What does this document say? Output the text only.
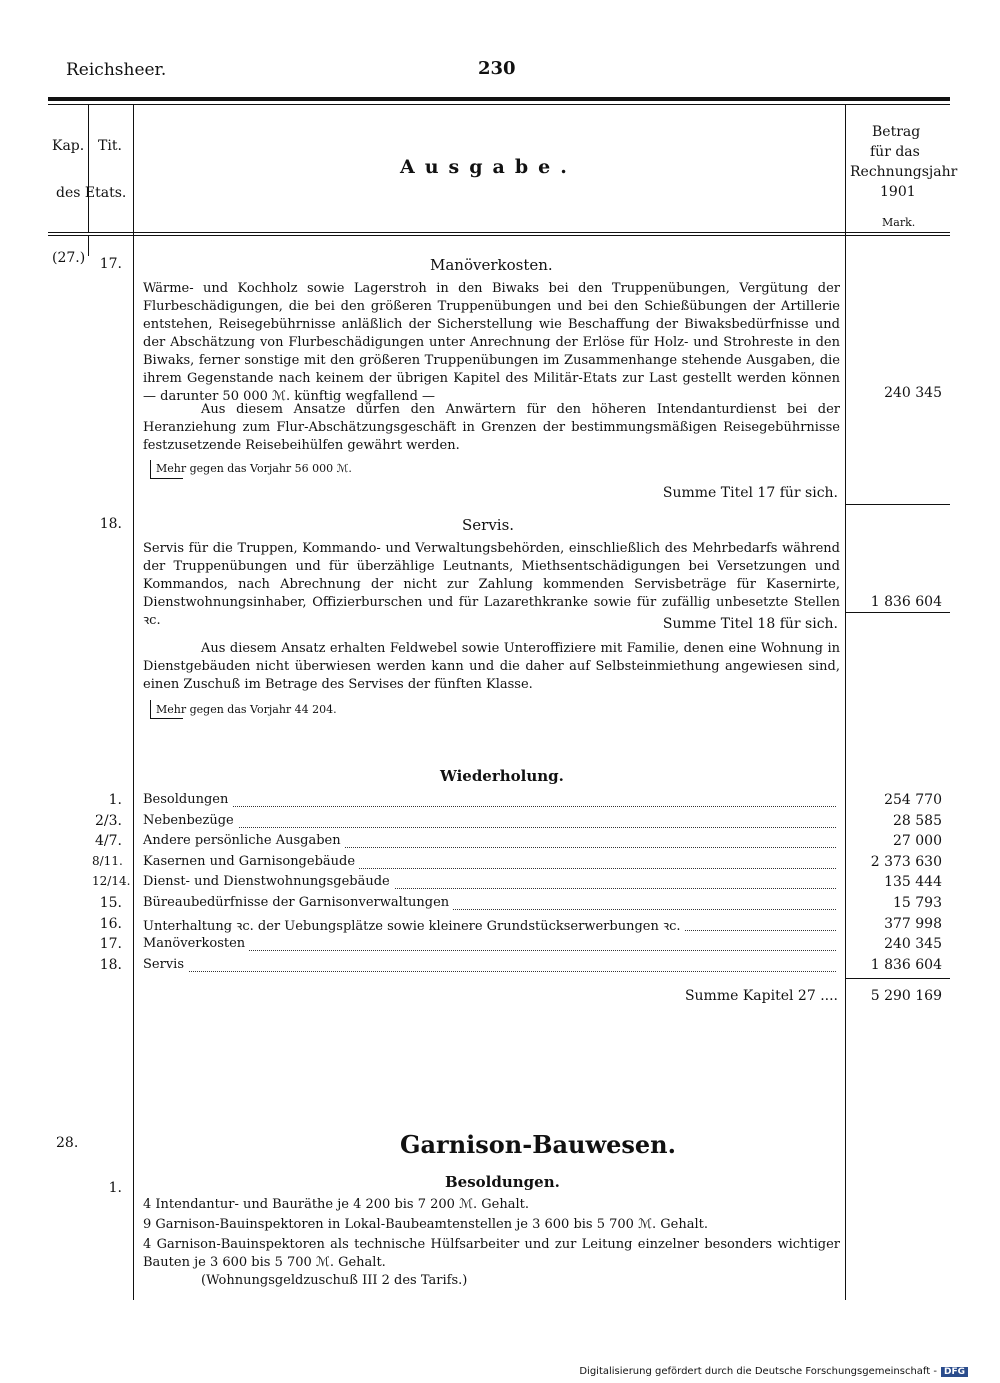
Reichsheer.	230
Kap. Tit.
des Etats.
Ausgabe.
Betrag
für das
Rechnungsjahr
1901
Mark.
(27.)	17.	Manöverkosten.
Wärme- und Kochholz sowie Lagerstroh in den Biwaks bei den Truppenübungen, Vergütung der Flurbeschädigungen, die bei den größeren Truppenübungen und bei den Schießübungen der Artillerie entstehen, Reisegebührnisse anläßlich der Sicherstellung wie Beschaffung der Biwaksbedürfnisse und der Abschätzung von Flurbeschädigungen unter Anrechnung der Erlöse für Holz- und Strohreste in den Biwaks, ferner sonstige mit den größeren Truppenübungen im Zusammenhange stehende Ausgaben, die ihrem Gegenstande nach keinem der übrigen Kapitel des Militär-Etats zur Last gestellt werden können — darunter 50 000 ℳ. künftig wegfallend —	240 345
Aus diesem Ansatze dürfen den Anwärtern für den höheren Intendanturdienst bei der Heranziehung zum Flur-Abschätzungsgeschäft in Grenzen der bestimmungsmäßigen Reisegebührnisse festzusetzende Reisebeihülfen gewährt werden.
Mehr gegen das Vorjahr 56 000 ℳ.
Summe Titel 17 für sich.
18.	Servis.
Servis für die Truppen, Kommando- und Verwaltungsbehörden, einschließlich des Mehrbedarfs während der Truppenübungen und für überzählige Leutnants, Miethsentschädigungen bei Versetzungen und Kommandos, nach Abrechnung der nicht zur Zahlung kommenden Servisbeträge für Kasernirte, Dienstwohnungsinhaber, Offizierburschen und für Lazarethkranke sowie für zufällig unbesetzte Stellen ꝛc.
1 836 604
Summe Titel 18 für sich.
Aus diesem Ansatz erhalten Feldwebel sowie Unteroffiziere mit Familie, denen eine Wohnung in Dienstgebäuden nicht überwiesen werden kann und die daher auf Selbsteinmiethung angewiesen sind, einen Zuschuß im Betrage des Servises der fünften Klasse.
Mehr gegen das Vorjahr 44 204.
Wiederholung.
1. Besoldungen	254 770
2/3. Nebenbezüge	28 585
4/7. Andere persönliche Ausgaben	27 000
8/11. Kasernen und Garnisongebäude	2 373 630
12/14. Dienst- und Dienstwohnungsgebäude	135 444
15. Büreaubedürfnisse der Garnisonverwaltungen	15 793
16. Unterhaltung ꝛc. der Uebungsplätze sowie kleinere Grundstückserwerbungen ꝛc.	377 998
17. Manöverkosten	240 345
18. Servis	1 836 604
Summe Kapitel 27 ....	5 290 169
28.	Garnison-Bauwesen.
1.	Besoldungen.
4 Intendantur- und Bauräthe je 4 200 bis 7 200 ℳ. Gehalt.
9 Garnison-Bauinspektoren in Lokal-Baubeamtenstellen je 3 600 bis 5 700 ℳ. Gehalt.
4 Garnison-Bauinspektoren als technische Hülfsarbeiter und zur Leitung einzelner besonders wichtiger Bauten je 3 600 bis 5 700 ℳ. Gehalt.
(Wohnungsgeldzuschuß III 2 des Tarifs.)
Digitalisierung gefördert durch die Deutsche Forschungsgemeinschaft - DFG
